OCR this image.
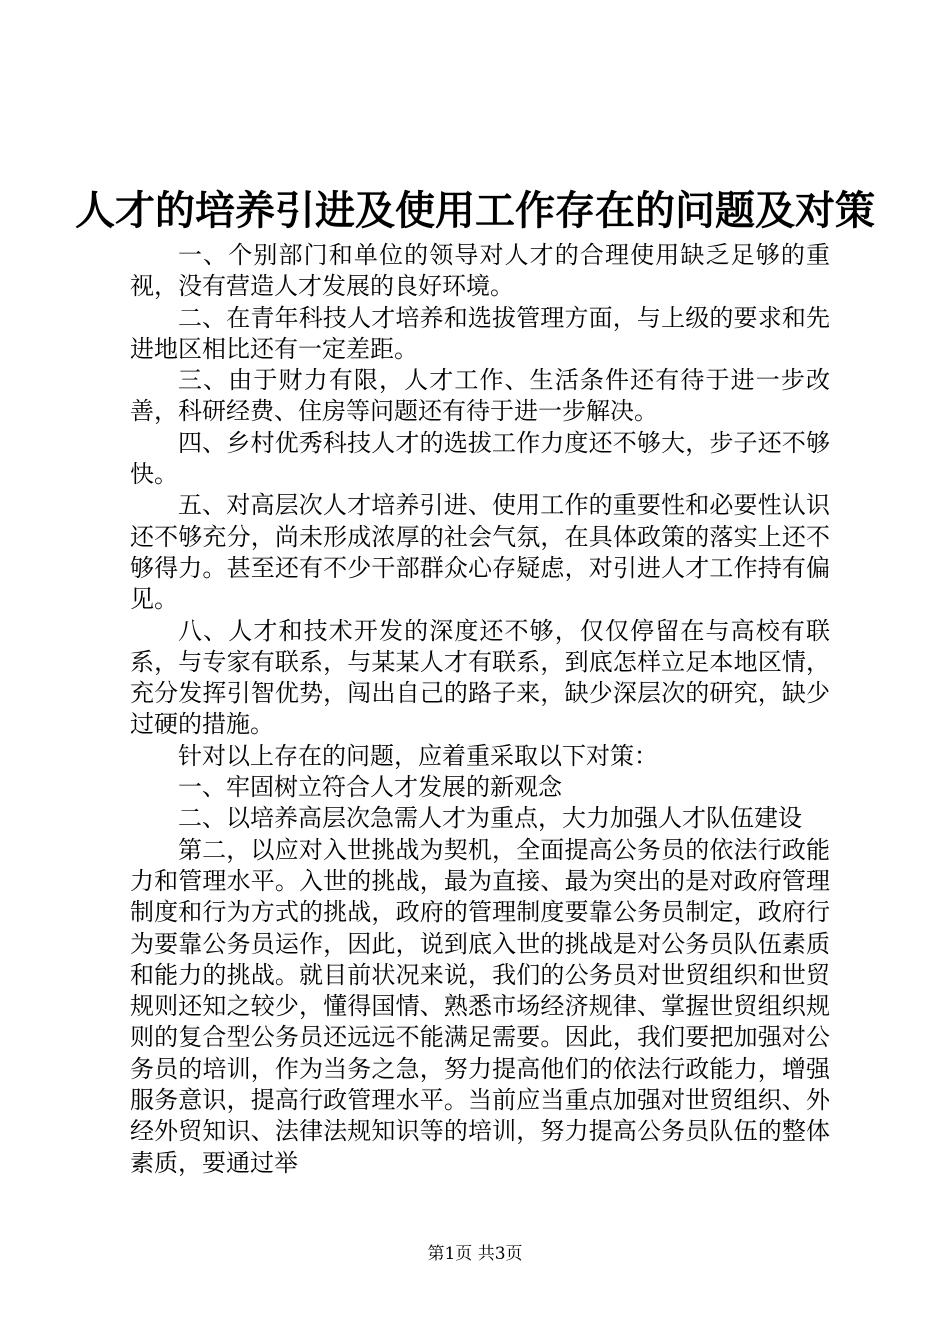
人才的培养引进及使用工作存在的问题及对策

一、个别部门和单位的领导对人才的合理使用缺乏足够的重视，没有营造人才发展的良好环境。

二、在青年科技人才培养和选拔管理方面，与上级的要求和先进地区相比还有一定差距。

三、由于财力有限，人才工作、生活条件还有待于进一步改善，科研经费、住房等问题还有待于进一步解决。

四、乡村优秀科技人才的选拔工作力度还不够大，步子还不够快。

五、对高层次人才培养引进、使用工作的重要性和必要性认识还不够充分，尚未形成浓厚的社会气氛，在具体政策的落实上还不够得力。甚至还有不少干部群众心存疑虑，对引进人才工作持有偏见。

八、人才和技术开发的深度还不够，仅仅停留在与高校有联系，与专家有联系，与某某人才有联系，到底怎样立足本地区情，充分发挥引智优势，闯出自己的路子来，缺少深层次的研究，缺少过硬的措施。

针对以上存在的问题，应着重采取以下对策：

一、牢固树立符合人才发展的新观念

二、以培养高层次急需人才为重点，大力加强人才队伍建设

第二，以应对入世挑战为契机，全面提高公务员的依法行政能力和管理水平。入世的挑战，最为直接、最为突出的是对政府管理制度和行为方式的挑战，政府的管理制度要靠公务员制定，政府行为要靠公务员运作，因此，说到底入世的挑战是对公务员队伍素质和能力的挑战。就目前状况来说，我们的公务员对世贸组织和世贸规则还知之较少，懂得国情、熟悉市场经济规律、掌握世贸组织规则的复合型公务员还远远不能满足需要。因此，我们要把加强对公务员的培训，作为当务之急，努力提高他们的依法行政能力，增强服务意识，提高行政管理水平。当前应当重点加强对世贸组织、外经外贸知识、法律法规知识等的培训，努力提高公务员队伍的整体素质，要通过举

第1页 共3页
